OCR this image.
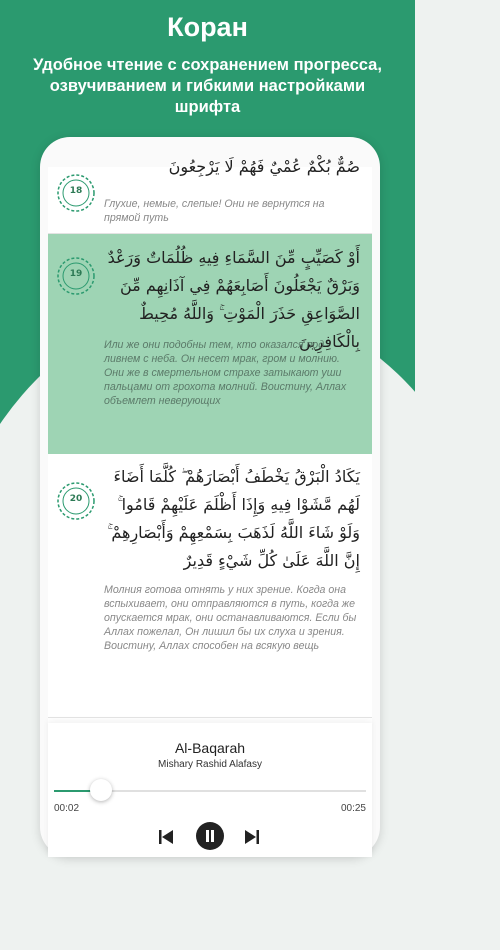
Коран
Удобное чтение с сохранением прогресса, озвучиванием и гибкими настройками шрифта
18
صُمٌّ بُكْمٌ عُمْيٌ فَهُمْ لَا يَرْجِعُونَ
Глухие, немые, слепые! Они не вернутся на прямой путь
19
أَوْ كَصَيِّبٍ مِّنَ السَّمَاءِ فِيهِ ظُلُمَاتٌ وَرَعْدٌ وَبَرْقٌ يَجْعَلُونَ أَصَابِعَهُمْ فِي آذَانِهِم مِّنَ الصَّوَاعِقِ حَذَرَ الْمَوْتِ ۚ وَاللَّهُ مُحِيطٌ بِالْكَافِرِينَ
Или же они подобны тем, кто оказался под ливнем с неба. Он несет мрак, гром и молнию. Они же в смертельном страхе затыкают уши пальцами от грохота молний. Воистину, Аллах объемлет неверующих
20
يَكَادُ الْبَرْقُ يَخْطَفُ أَبْصَارَهُمْ ۖ كُلَّمَا أَضَاءَ لَهُم مَّشَوْا فِيهِ وَإِذَا أَظْلَمَ عَلَيْهِمْ قَامُوا ۚ وَلَوْ شَاءَ اللَّهُ لَذَهَبَ بِسَمْعِهِمْ وَأَبْصَارِهِمْ ۚ إِنَّ اللَّهَ عَلَىٰ كُلِّ شَيْءٍ قَدِيرٌ
Молния готова отнять у них зрение. Когда она вспыхивает, они отправляются в путь, когда же опускается мрак, они останавливаются. Если бы Аллах пожелал, Он лишил бы их слуха и зрения. Воистину, Аллах способен на всякую вещь
Al-Baqarah
Mishary Rashid Alafasy
00:02	00:25
